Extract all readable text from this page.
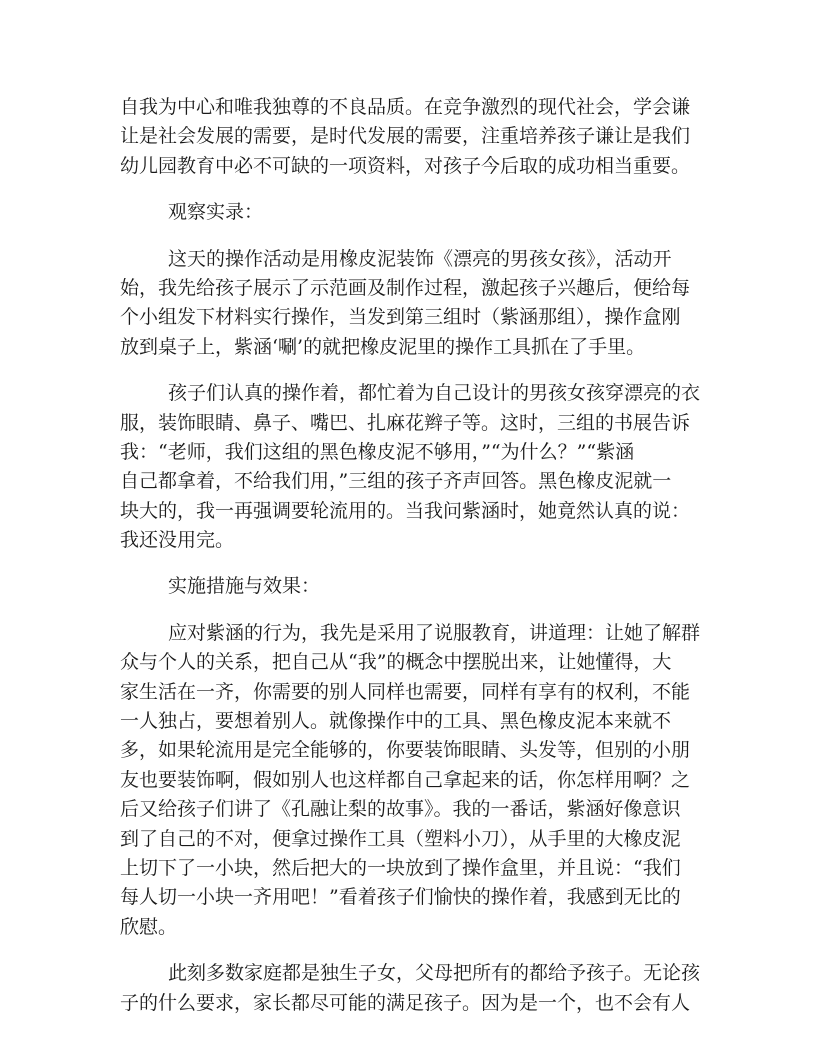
自我为中心和唯我独尊的不良品质。在竞争激烈的现代社会，学会谦
让是社会发展的需要，是时代发展的需要，注重培养孩子谦让是我们
幼儿园教育中必不可缺的一项资料，对孩子今后取的成功相当重要。

观察实录：

这天的操作活动是用橡皮泥装饰《漂亮的男孩女孩》，活动开
始，我先给孩子展示了示范画及制作过程，激起孩子兴趣后，便给每
个小组发下材料实行操作，当发到第三组时（紫涵那组），操作盒刚
放到桌子上，紫涵‘唰’的就把橡皮泥里的操作工具抓在了手里。

孩子们认真的操作着，都忙着为自己设计的男孩女孩穿漂亮的衣
服，装饰眼睛、鼻子、嘴巴、扎麻花辫子等。这时，三组的书展告诉
我：“老师，我们这组的黑色橡皮泥不够用，”“为什么？”“紫涵
自己都拿着，不给我们用，”三组的孩子齐声回答。黑色橡皮泥就一
块大的，我一再强调要轮流用的。当我问紫涵时，她竟然认真的说：
我还没用完。

实施措施与效果：

应对紫涵的行为，我先是采用了说服教育，讲道理：让她了解群
众与个人的关系，把自己从“我”的概念中摆脱出来，让她懂得，大
家生活在一齐，你需要的别人同样也需要，同样有享有的权利，不能
一人独占，要想着别人。就像操作中的工具、黑色橡皮泥本来就不
多，如果轮流用是完全能够的，你要装饰眼睛、头发等，但别的小朋
友也要装饰啊，假如别人也这样都自己拿起来的话，你怎样用啊？之
后又给孩子们讲了《孔融让梨的故事》。我的一番话，紫涵好像意识
到了自己的不对，便拿过操作工具（塑料小刀），从手里的大橡皮泥
上切下了一小块，然后把大的一块放到了操作盒里，并且说：“我们
每人切一小块一齐用吧！”看着孩子们愉快的操作着，我感到无比的
欣慰。

此刻多数家庭都是独生子女，父母把所有的都给予孩子。无论孩
子的什么要求，家长都尽可能的满足孩子。因为是一个，也不会有人
